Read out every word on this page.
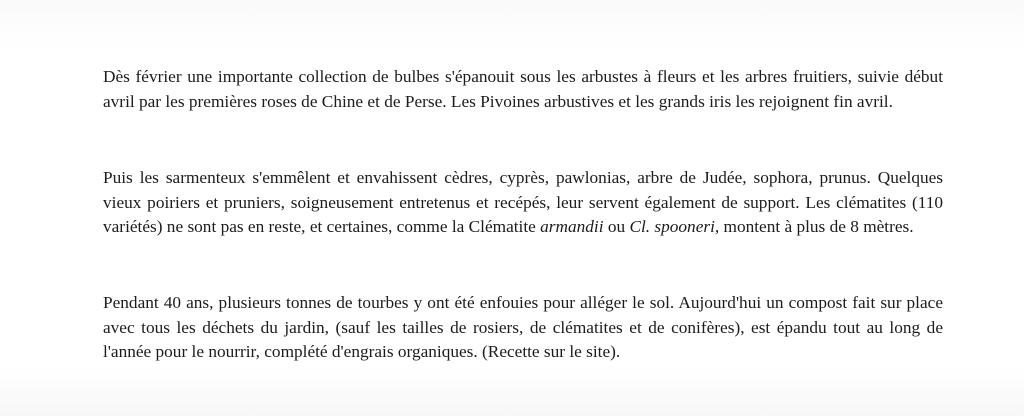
Dès février une importante collection de bulbes s'épanouit sous les arbustes à fleurs et les arbres fruitiers, suivie début avril par les premières roses de Chine et de Perse. Les Pivoines arbustives et les grands iris les rejoignent fin avril.

Puis les sarmenteux s'emmêlent et envahissent cèdres, cyprès, pawlonias, arbre de Judée, sophora, prunus. Quelques vieux poiriers et pruniers, soigneusement entretenus et recépés, leur servent également de support. Les clématites (110 variétés) ne sont pas en reste, et certaines, comme la Clématite armandii ou Cl. spooneri, montent à plus de 8 mètres.

Pendant 40 ans, plusieurs tonnes de tourbes y ont été enfouies pour alléger le sol. Aujourd'hui un compost fait sur place avec tous les déchets du jardin, (sauf les tailles de rosiers, de clématites et de conifères), est épandu tout au long de l'année pour le nourrir, complété d'engrais organiques. (Recette sur le site).
